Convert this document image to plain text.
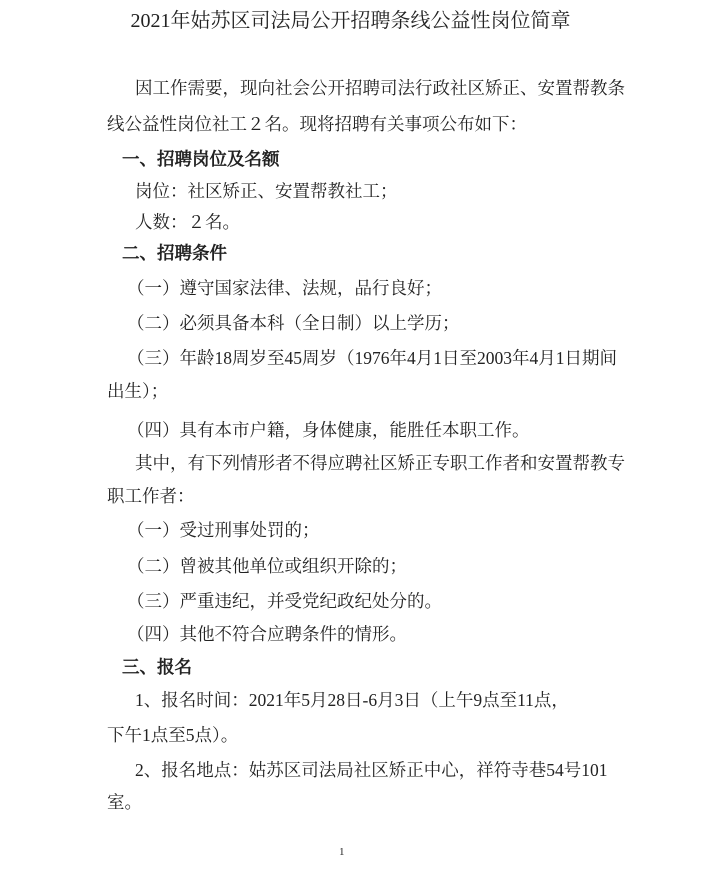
2021年姑苏区司法局公开招聘条线公益性岗位简章
因工作需要，现向社会公开招聘司法行政社区矫正、安置帮教条
线公益性岗位社工２名。现将招聘有关事项公布如下：
一、招聘岗位及名额
岗位：社区矫正、安置帮教社工；
人数：２名。
二、招聘条件
（一）遵守国家法律、法规，品行良好；
（二）必须具备本科（全日制）以上学历；
（三）年龄18周岁至45周岁（1976年4月1日至2003年4月1日期间
出生）；
（四）具有本市户籍，身体健康，能胜任本职工作。
其中，有下列情形者不得应聘社区矫正专职工作者和安置帮教专
职工作者：
（一）受过刑事处罚的；
（二）曾被其他单位或组织开除的；
（三）严重违纪，并受党纪政纪处分的。
（四）其他不符合应聘条件的情形。
三、报名
1、报名时间：2021年5月28日-6月3日（上午9点至11点，
下午1点至5点）。
2、报名地点：姑苏区司法局社区矫正中心，祥符寺巷54号101
室。
1
